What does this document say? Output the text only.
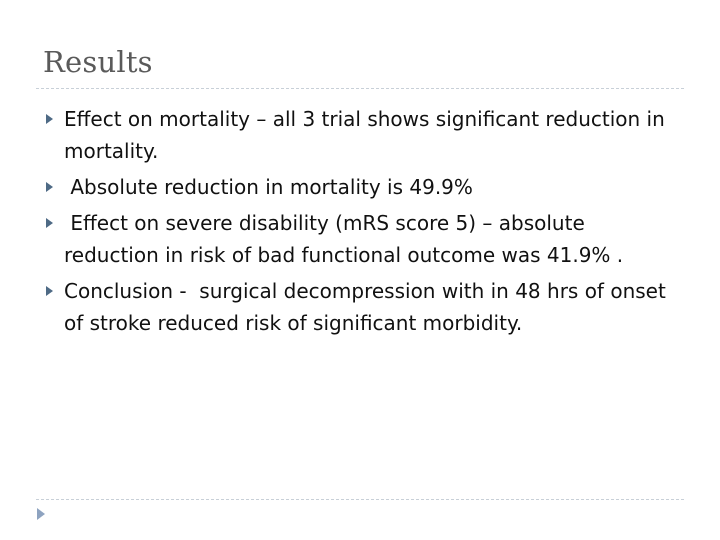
Results
Effect on mortality – all 3 trial shows significant reduction in mortality.
Absolute reduction in mortality is 49.9%
Effect on severe disability (mRS score 5) – absolute reduction in risk of bad functional outcome was 41.9% .
Conclusion -  surgical decompression with in 48 hrs of onset of stroke reduced risk of significant morbidity.
